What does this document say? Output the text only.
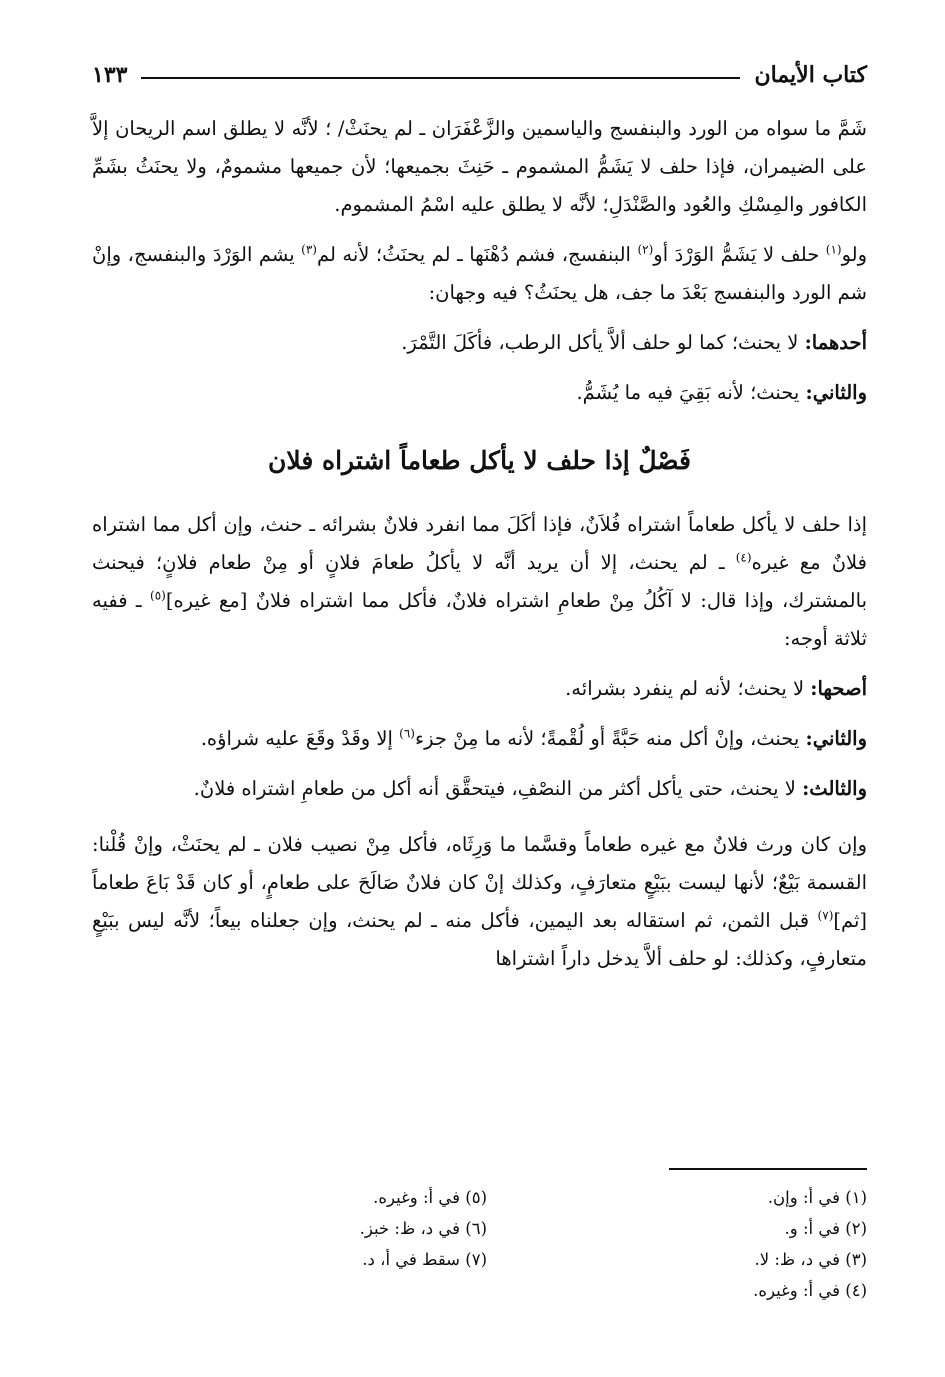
كتاب الأيمان
١٣٣

شَمَّ ما سواه من الورد والبنفسج والياسمين والزَّعْفَرَان ـ لم يحنَثْ/ ؛ لأنَّه لا يطلق اسم الريحان إلاَّ على الضيمران، فإذا حلف لا يَشَمُّ المشموم ـ حَنِثَ بجميعها؛ لأن جميعها مشمومٌ، ولا يحنَثُ بشَمِّ الكافور والمِسْكِ والعُود والصَّنْدَلِ؛ لأنَّه لا يطلق عليه اسْمُ المشموم.

ولو$^{(١)}$ حلف لا يَشَمُّ الوَرْدَ أو$^{(٢)}$ البنفسج، فشم دُهْنَها ـ لم يحنَثُ؛ لأنه لم$^{(٣)}$ يشم الوَرْدَ والبنفسج، وإنْ شم الورد والبنفسج بَعْدَ ما جف، هل يحنَثُ؟ فيه وجهان:

أحدهما: لا يحنث؛ كما لو حلف ألاَّ يأكل الرطب، فأكَلَ التَّمْرَ.

والثاني: يحنث؛ لأنه بَقِيَ فيه ما يُشَمُّ.

فَصْلٌ إذا حلف لا يأكل طعاماً اشتراه فلان

إذا حلف لا يأكل طعاماً اشتراه فُلاَنٌ، فإذا أكَلَ مما انفرد فلانٌ بشرائه ـ حنث، وإن أكل مما اشتراه فلانٌ مع غيره$^{(٤)}$ ـ لم يحنث، إلا أن يريد أنَّه لا يأكلُ طعامَ فلانٍ أو مِنْ طعام فلانٍ؛ فيحنث بالمشترك، وإذا قال: لا آكُلُ مِنْ طعامِ اشتراه فلانٌ، فأكل مما اشتراه فلانٌ [مع غيره]$^{(٥)}$ ـ ففيه ثلاثة أوجه:

أصحها: لا يحنث؛ لأنه لم ينفرد بشرائه.

والثاني: يحنث، وإنْ أكل منه حَبَّةً أو لُقْمةً؛ لأنه ما مِنْ جزء$^{(٦)}$ إلا وقَدْ وقَعَ عليه شراؤه.

والثالث: لا يحنث، حتى يأكل أكثر من النصْفِ، فيتحقَّق أنه أكل من طعامِ اشتراه فلانٌ.

وإن كان ورث فلانٌ مع غيره طعاماً وقسَّما ما وَرِثَاه، فأكل مِنْ نصيب فلان ـ لم يحنَثْ، وإنْ قُلْنا: القسمة بَيْعٌ؛ لأنها ليست ببَيْعٍ متعارَفٍ، وكذلك إنْ كان فلانٌ صَالَحَ على طعامٍ، أو كان قَدْ بَاعَ طعاماً [ثم]$^{(٧)}$ قبل الثمن، ثم استقاله بعد اليمين، فأكل منه ـ لم يحنث، وإن جعلناه بيعاً؛ لأنَّه ليس ببَيْعٍ متعارفٍ، وكذلك: لو حلف ألاَّ يدخل داراً اشتراها

(١) في أ: وإن.
(٢) في أ: و.
(٣) في د، ظ: لا.
(٤) في أ: وغيره.
(٥) في أ: وغيره.
(٦) في د، ظ: خبز.
(٧) سقط في أ، د.
